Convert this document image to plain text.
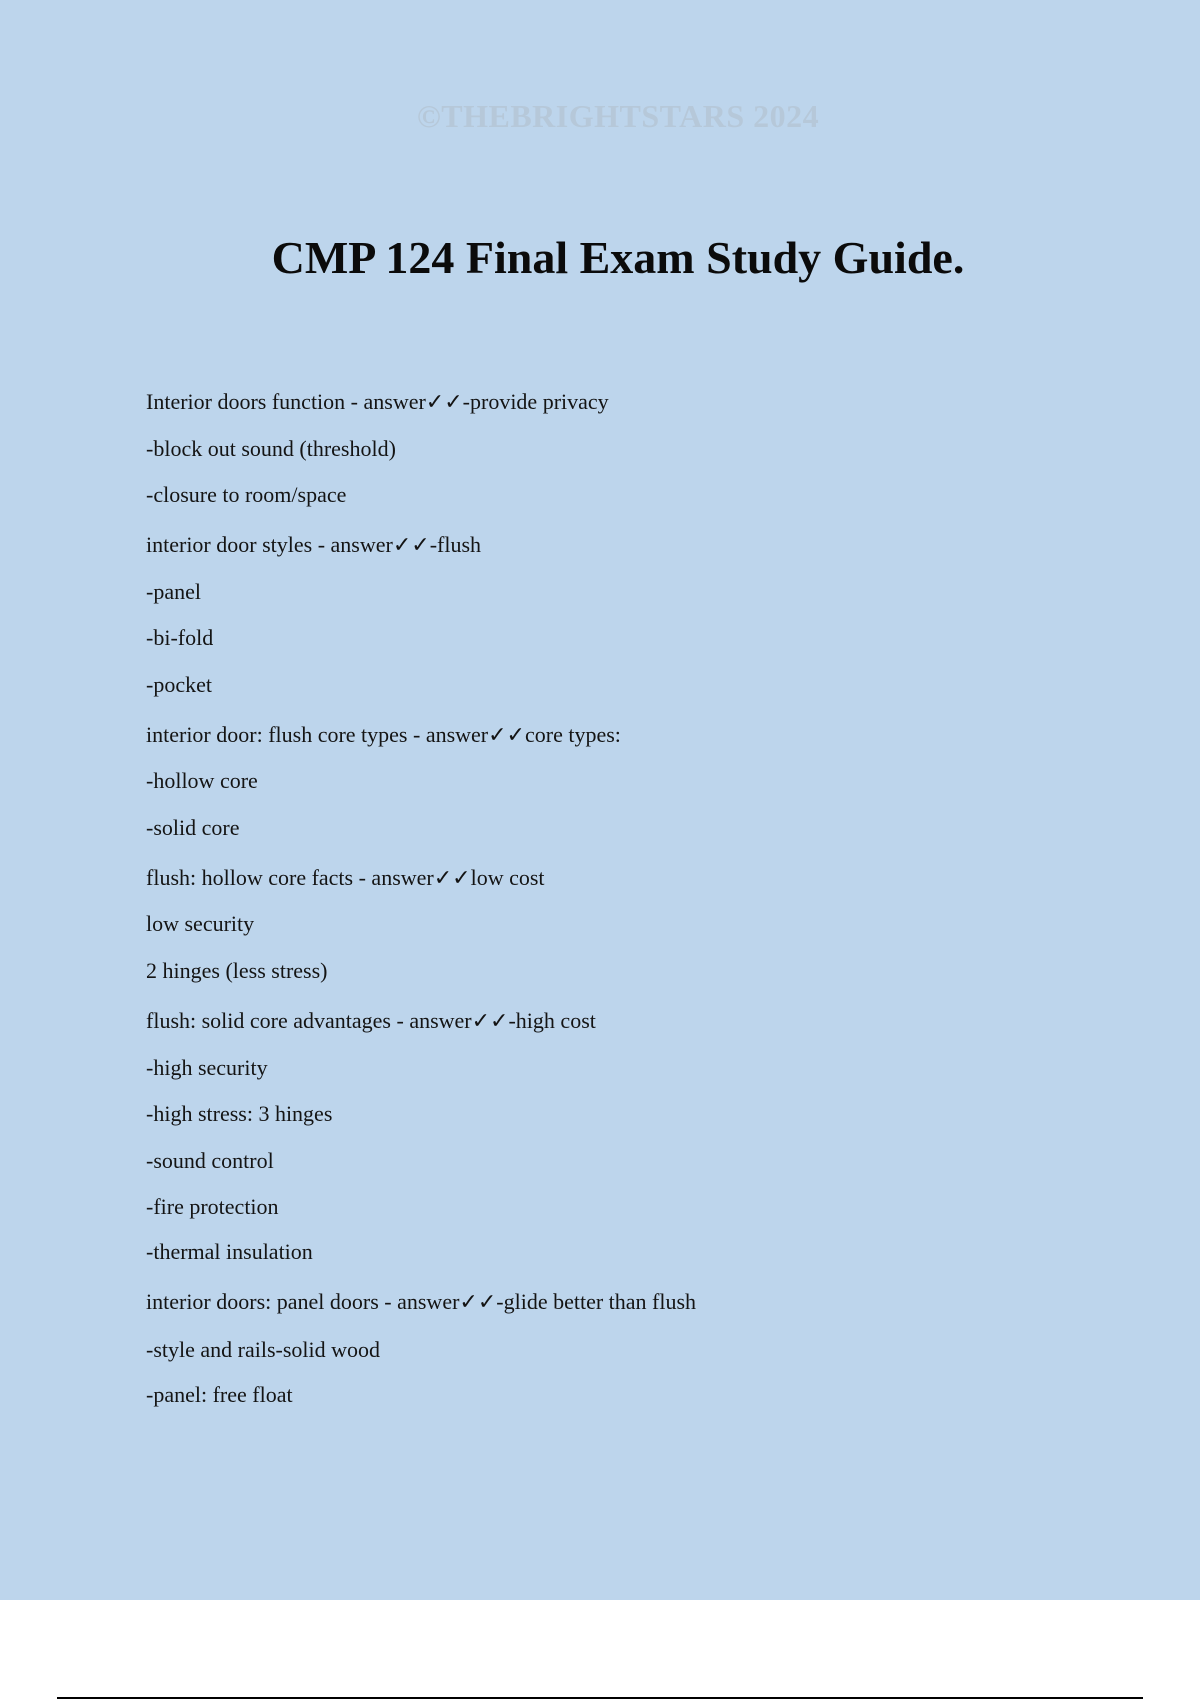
©THEBRIGHTSTARS 2024
CMP 124 Final Exam Study Guide.

Interior doors function - answer✓✓-provide privacy

-block out sound (threshold)

-closure to room/space

interior door styles - answer✓✓-flush

-panel

-bi-fold

-pocket

interior door: flush core types - answer✓✓core types:

-hollow core

-solid core

flush: hollow core facts - answer✓✓low cost

low security

2 hinges (less stress)

flush: solid core advantages - answer✓✓-high cost

-high security

-high stress: 3 hinges

-sound control

-fire protection

-thermal insulation

interior doors: panel doors - answer✓✓-glide better than flush

-style and rails-solid wood

-panel: free float
